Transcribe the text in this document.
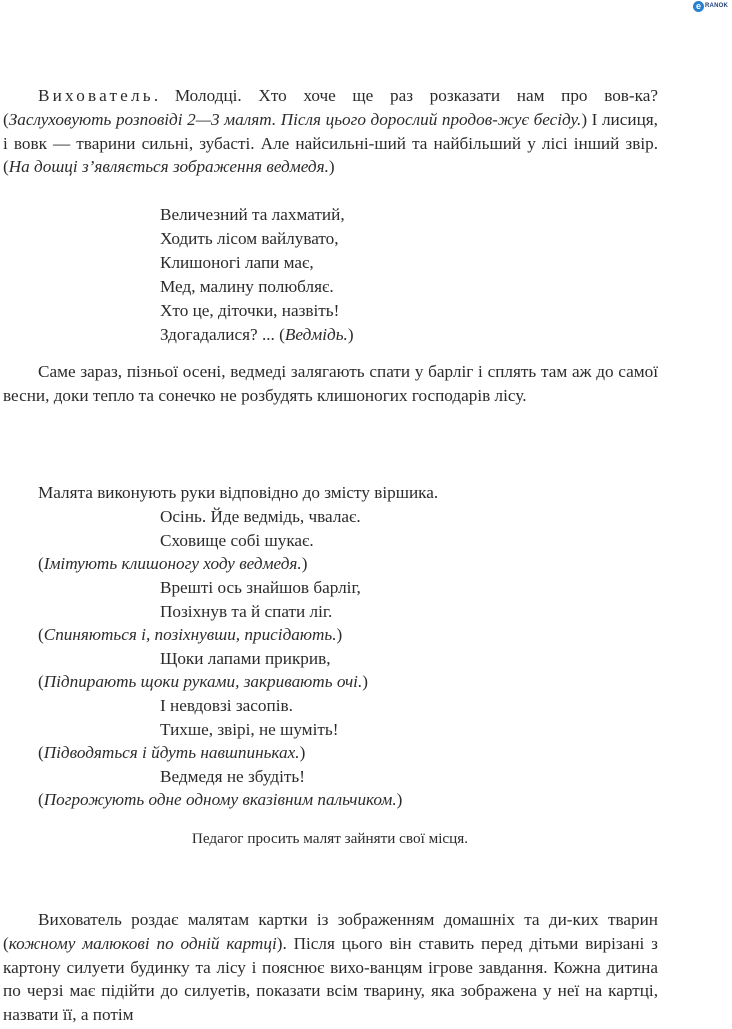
e RANOK

Вихователь. Молодці. Хто хоче ще раз розказати нам про вов-ка? (Заслуховують розповіді 2—3 малят. Після цього дорослий продов-жує бесіду.) І лисиця, і вовк — тварини сильні, зубасті. Але найсильні-ший та найбільший у лісі інший звір. (На дошці з’являється зображення ведмедя.)

Величезний та лахматий,
Ходить лісом вайлувато,
Клишоногі лапи має,
Мед, малину полюбляє.
Хто це, діточки, назвіть!
Здогадалися? ... (Ведмідь.)

Саме зараз, пізньої осені, ведмеді залягають спати у барліг і сплять там аж до самої весни, доки тепло та сонечко не розбудять клишоногих господарів лісу.

Малята виконують руки відповідно до змісту віршика.
Осінь. Йде ведмідь, чвалає.
Сховище собі шукає.
(Імітують клишоногу ходу ведмедя.)
Врешті ось знайшов барліг,
Позіхнув та й спати ліг.
(Спиняються і, позіхнувши, присідають.)
Щоки лапами прикрив,
(Підпирають щоки руками, закривають очі.)
І невдовзі засопів.
Тихше, звірі, не шуміть!
(Підводяться і йдуть навшпиньках.)
Ведмедя не збудіть!
(Погрожують одне одному вказівним пальчиком.)
Педагог просить малят зайняти свої місця.

Вихователь роздає малятам картки із зображенням домашніх та ди-ких тварин (кожному малюкові по одній картці). Після цього він ставить перед дітьми вирізані з картону силуети будинку та лісу і пояснює вихо-ванцям ігрове завдання. Кожна дитина по черзі має підійти до силуетів, показати всім тварину, яка зображена у неї на картці, назвати її, а потім
